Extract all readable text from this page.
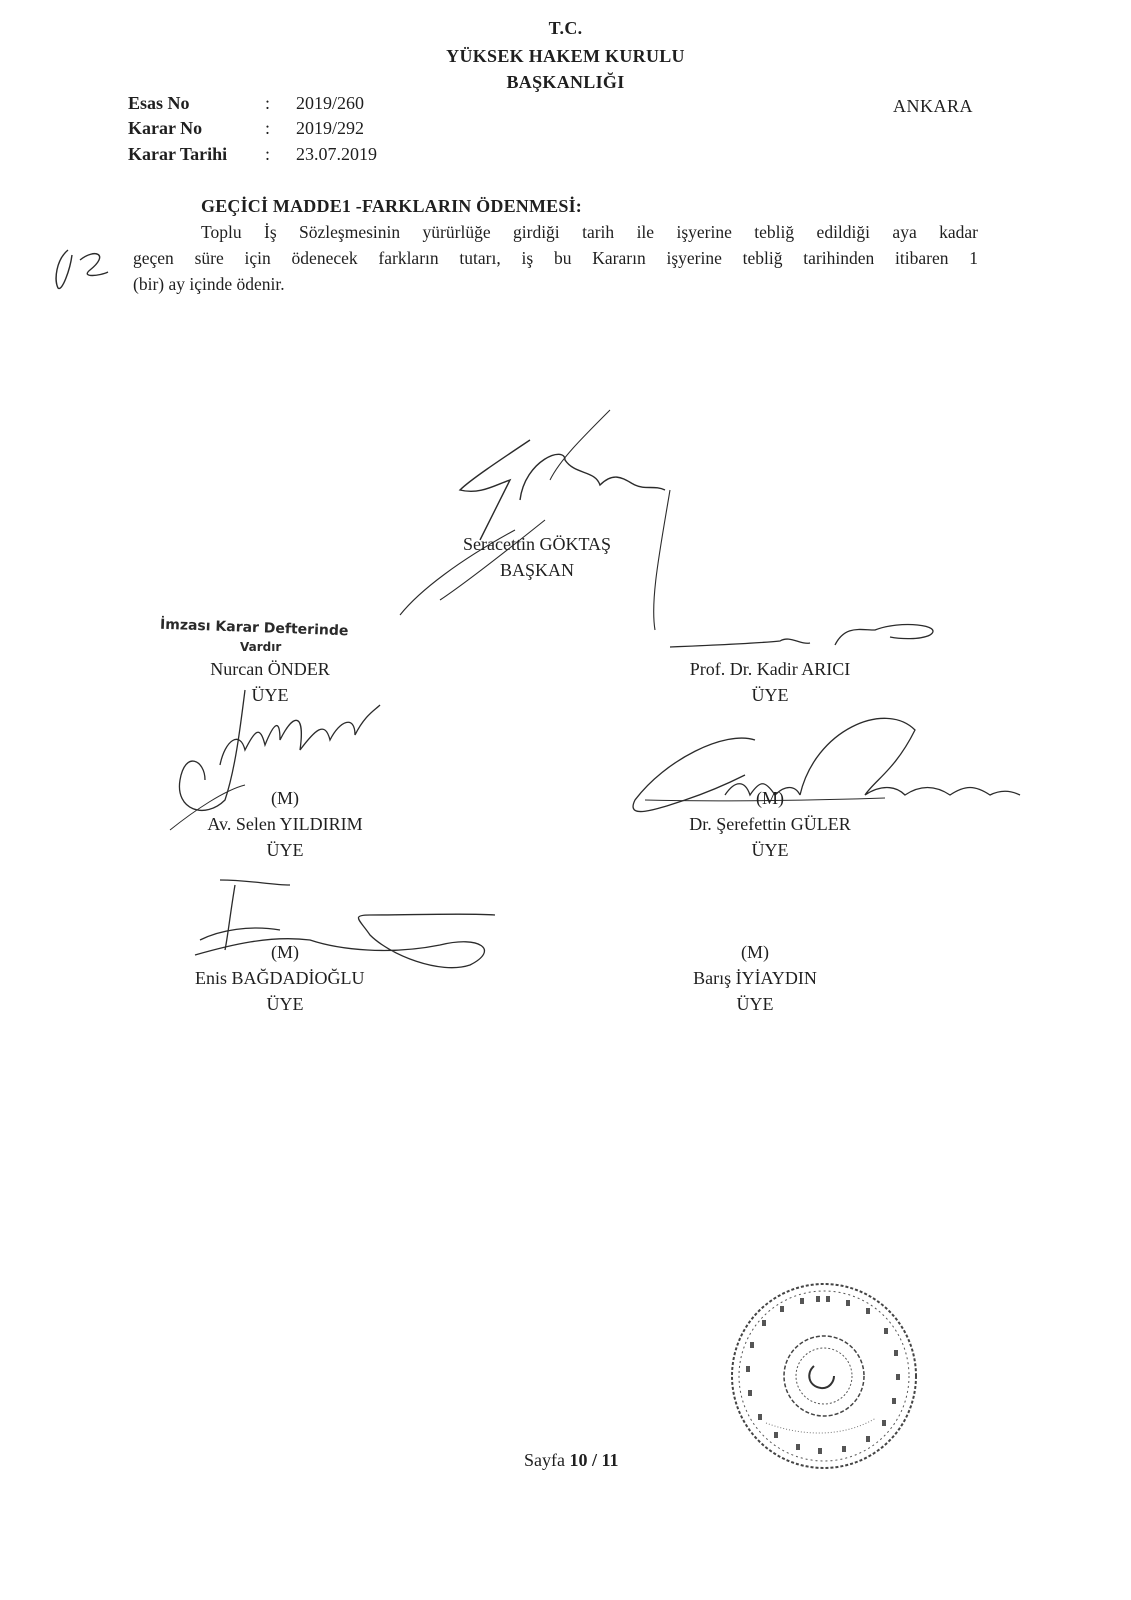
T.C.
YÜKSEK HAKEM KURULU
BAŞKANLIĞI
Esas No	: 2019/260
Karar No	: 2019/292
Karar Tarihi : 23.07.2019
ANKARA
GEÇİCİ MADDE1 -FARKLARIN ÖDENMESİ:
Toplu İş Sözleşmesinin yürürlüğe girdiği tarih ile işyerine tebliğ edildiği aya kadar
geçen süre için ödenecek farkların tutarı, iş bu Kararın işyerine tebliğ tarihinden itibaren 1
(bir) ay içinde ödenir.
Seracettin GÖKTAŞ
BAŞKAN
İmzası Karar Defterinde
Vardır
Nurcan ÖNDER
ÜYE
Prof. Dr. Kadir ARICI
ÜYE
(M)
Av. Selen YILDIRIM
ÜYE
(M)
Dr. Şerefettin GÜLER
ÜYE
(M)
Enis BAĞDADİOĞLU
ÜYE
(M)
Barış İYİAYDIN
ÜYE
Sayfa 10 / 11
